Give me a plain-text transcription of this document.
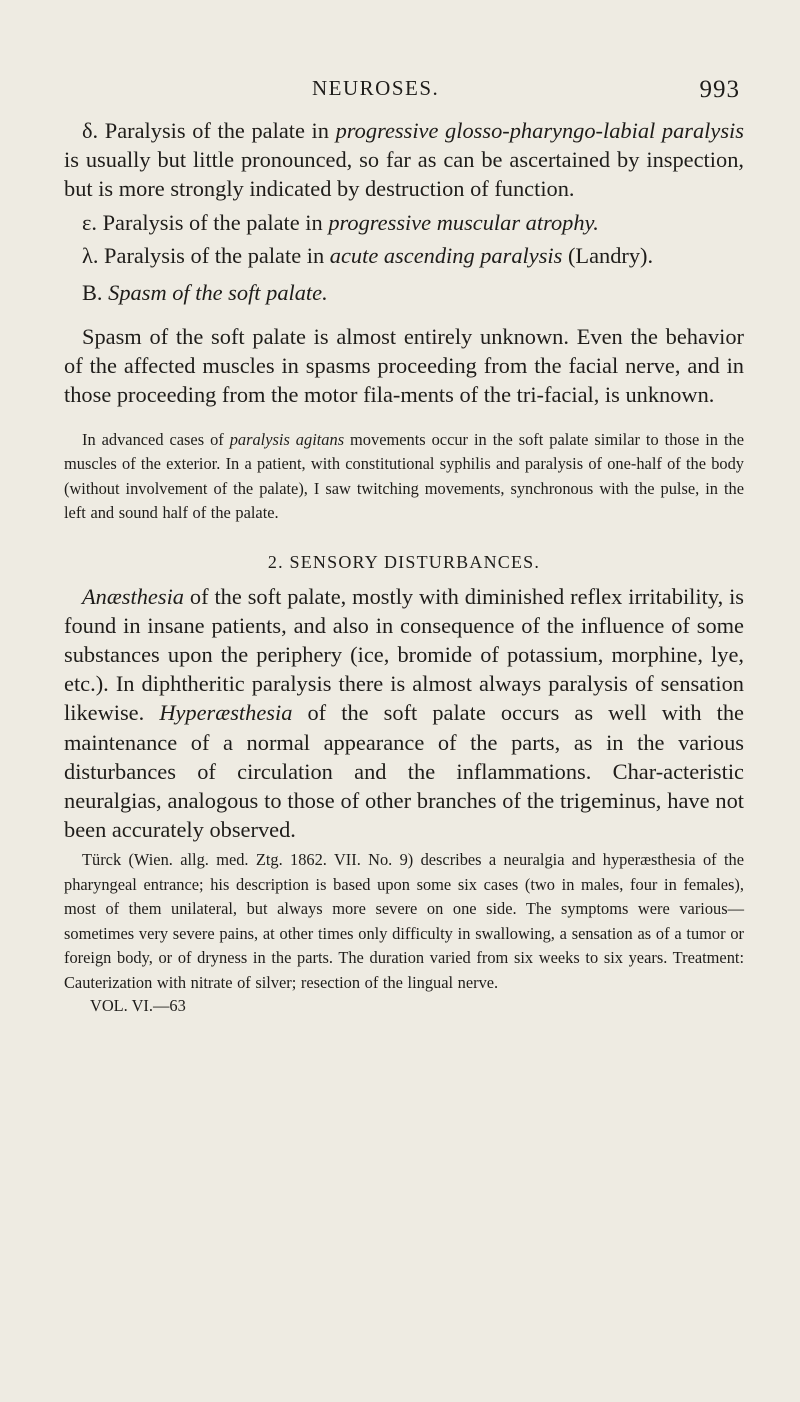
NEUROSES.	993

δ. Paralysis of the palate in progressive glosso-pharyngo-labial paralysis is usually but little pronounced, so far as can be ascertained by inspection, but is more strongly indicated by destruction of function.

ε. Paralysis of the palate in progressive muscular atrophy.

λ. Paralysis of the palate in acute ascending paralysis (Landry).

B. Spasm of the soft palate.

Spasm of the soft palate is almost entirely unknown. Even the behavior of the affected muscles in spasms proceeding from the facial nerve, and in those proceeding from the motor fila-ments of the tri-facial, is unknown.

In advanced cases of paralysis agitans movements occur in the soft palate similar to those in the muscles of the exterior. In a patient, with constitutional syphilis and paralysis of one-half of the body (without involvement of the palate), I saw twitching movements, synchronous with the pulse, in the left and sound half of the palate.

2. SENSORY DISTURBANCES.

Anæsthesia of the soft palate, mostly with diminished reflex irritability, is found in insane patients, and also in consequence of the influence of some substances upon the periphery (ice, bromide of potassium, morphine, lye, etc.). In diphtheritic paralysis there is almost always paralysis of sensation likewise. Hyperæsthesia of the soft palate occurs as well with the maintenance of a normal appearance of the parts, as in the various disturbances of circulation and the inflammations. Char-acteristic neuralgias, analogous to those of other branches of the trigeminus, have not been accurately observed.

Türck (Wien. allg. med. Ztg. 1862. VII. No. 9) describes a neuralgia and hyperæsthesia of the pharyngeal entrance; his description is based upon some six cases (two in males, four in females), most of them unilateral, but always more severe on one side. The symptoms were various—sometimes very severe pains, at other times only difficulty in swallowing, a sensation as of a tumor or foreign body, or of dryness in the parts. The duration varied from six weeks to six years. Treatment: Cauterization with nitrate of silver; resection of the lingual nerve.

VOL. VI.—63
